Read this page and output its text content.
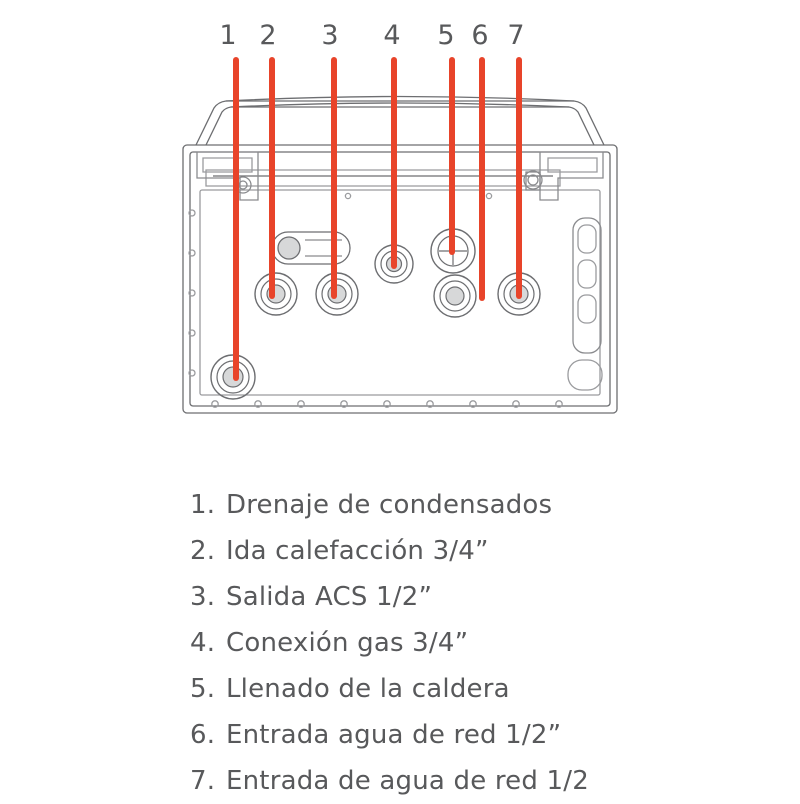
1 2 3 4 5 6 7
1. Drenaje de condensados
2. Ida calefacción 3/4”
3. Salida ACS 1/2”
4. Conexión gas 3/4”
5. Llenado de la caldera
6. Entrada agua de red 1/2”
7. Entrada de agua de red 1/2
